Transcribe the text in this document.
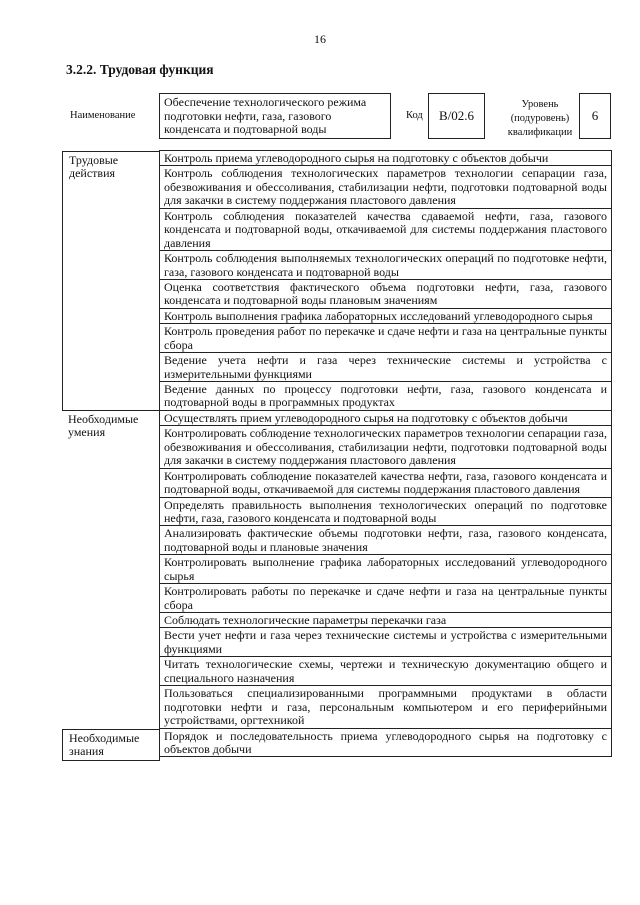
16
3.2.2. Трудовая функция
Наименование
Обеспечение технологического режима подготовки нефти, газа, газового конденсата и подтоварной воды
Код	B/02.6
Уровень (подуровень) квалификации
6
Трудовые действия
Контроль приема углеводородного сырья на подготовку с объектов добычи
Контроль соблюдения технологических параметров технологии сепарации газа, обезвоживания и обессоливания, стабилизации нефти, подготовки подтоварной воды для закачки в систему поддержания пластового давления
Контроль соблюдения показателей качества сдаваемой нефти, газа, газового конденсата и подтоварной воды, откачиваемой для системы поддержания пластового давления
Контроль соблюдения выполняемых технологических операций по подготовке нефти, газа, газового конденсата и подтоварной воды
Оценка соответствия фактического объема подготовки нефти, газа, газового конденсата и подтоварной воды плановым значениям
Контроль выполнения графика лабораторных исследований углеводородного сырья
Контроль проведения работ по перекачке и сдаче нефти и газа на центральные пункты сбора
Ведение учета нефти и газа через технические системы и устройства с измерительными функциями
Ведение данных по процессу подготовки нефти, газа, газового конденсата и подтоварной воды в программных продуктах
Необходимые умения
Осуществлять прием углеводородного сырья на подготовку с объектов добычи
Контролировать соблюдение технологических параметров технологии сепарации газа, обезвоживания и обессоливания, стабилизации нефти, подготовки подтоварной воды для закачки в систему поддержания пластового давления
Контролировать соблюдение показателей качества нефти, газа, газового конденсата и подтоварной воды, откачиваемой для системы поддержания пластового давления
Определять правильность выполнения технологических операций по подготовке нефти, газа, газового конденсата и подтоварной воды
Анализировать фактические объемы подготовки нефти, газа, газового конденсата, подтоварной воды и плановые значения
Контролировать выполнение графика лабораторных исследований углеводородного сырья
Контролировать работы по перекачке и сдаче нефти и газа на центральные пункты сбора
Соблюдать технологические параметры перекачки газа
Вести учет нефти и газа через технические системы и устройства с измерительными функциями
Читать технологические схемы, чертежи и техническую документацию общего и специального назначения
Пользоваться специализированными программными продуктами в области подготовки нефти и газа, персональным компьютером и его периферийными устройствами, оргтехникой
Необходимые знания
Порядок и последовательность приема углеводородного сырья на подготовку с объектов добычи
